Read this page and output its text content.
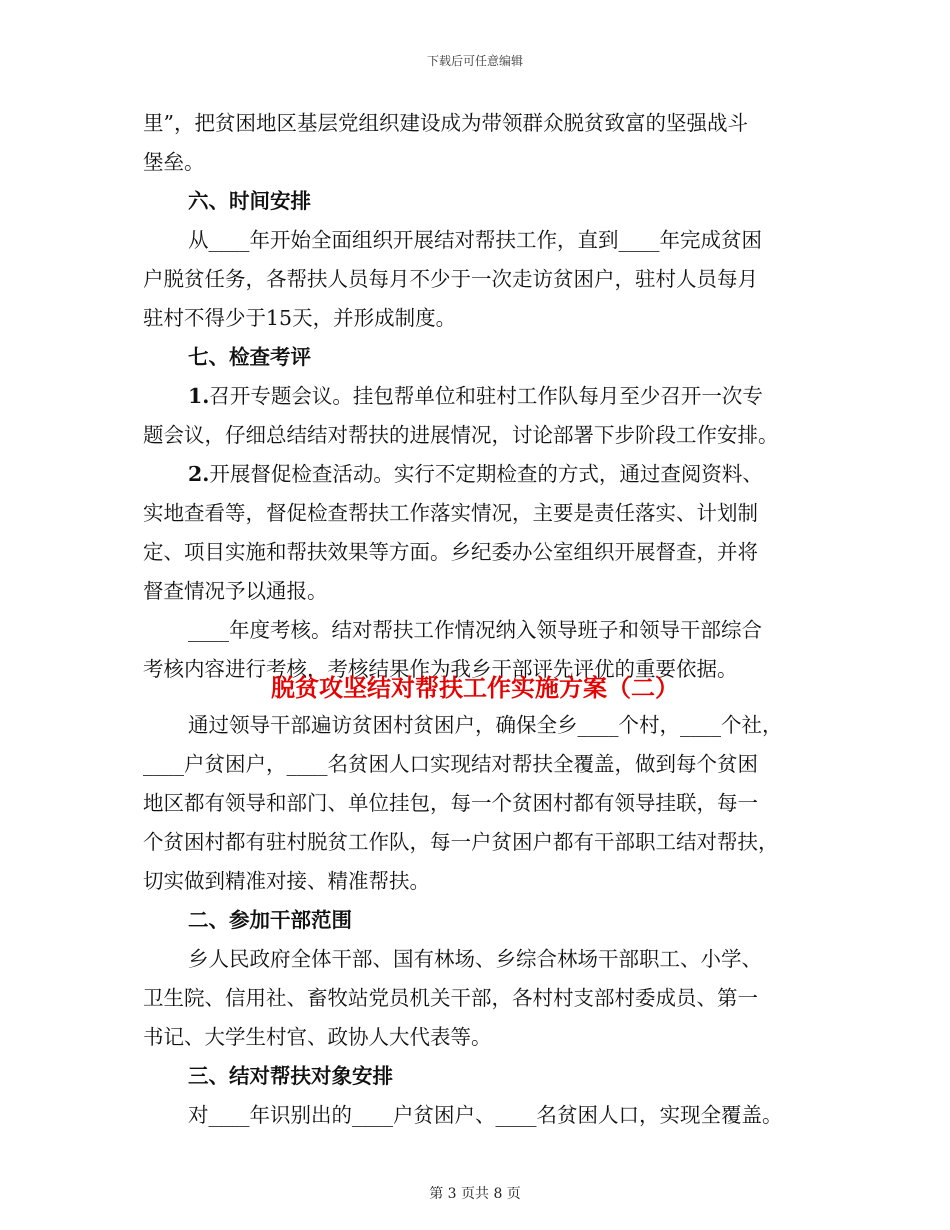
下载后可任意编辑
里”，把贫困地区基层党组织建设成为带领群众脱贫致富的坚强战斗
堡垒。
六、时间安排
从____年开始全面组织开展结对帮扶工作，直到____年完成贫困
户脱贫任务，各帮扶人员每月不少于一次走访贫困户，驻村人员每月
驻村不得少于15天，并形成制度。
七、检查考评
1.召开专题会议。挂包帮单位和驻村工作队每月至少召开一次专
题会议，仔细总结结对帮扶的进展情况，讨论部署下步阶段工作安排。
2.开展督促检查活动。实行不定期检查的方式，通过查阅资料、
实地查看等，督促检查帮扶工作落实情况，主要是责任落实、计划制
定、项目实施和帮扶效果等方面。乡纪委办公室组织开展督查，并将
督查情况予以通报。
____年度考核。结对帮扶工作情况纳入领导班子和领导干部综合
考核内容进行考核，考核结果作为我乡干部评先评优的重要依据。
脱贫攻坚结对帮扶工作实施方案（二）
通过领导干部遍访贫困村贫困户，确保全乡____个村，____个社，
____户贫困户，____名贫困人口实现结对帮扶全覆盖，做到每个贫困
地区都有领导和部门、单位挂包，每一个贫困村都有领导挂联，每一
个贫困村都有驻村脱贫工作队，每一户贫困户都有干部职工结对帮扶，
切实做到精准对接、精准帮扶。
二、参加干部范围
乡人民政府全体干部、国有林场、乡综合林场干部职工、小学、
卫生院、信用社、畜牧站党员机关干部，各村村支部村委成员、第一
书记、大学生村官、政协人大代表等。
三、结对帮扶对象安排
对____年识别出的____户贫困户、____名贫困人口，实现全覆盖。
第 3 页共 8 页
